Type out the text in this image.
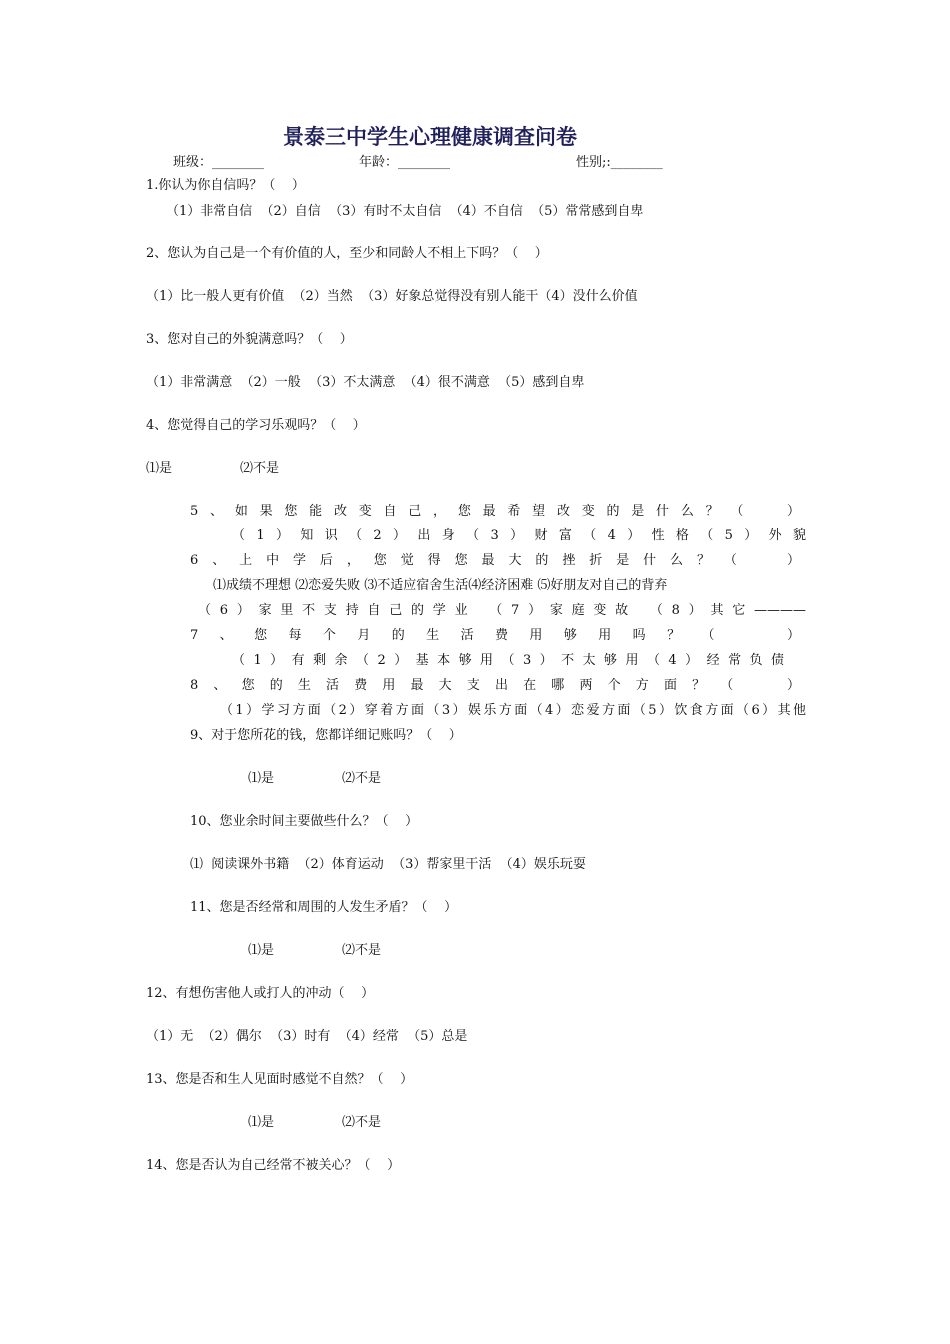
景泰三中学生心理健康调查问卷
班级：________	年龄：________	性别;:________
1.你认为你自信吗？（    ）
（1）非常自信  （2）自信  （3）有时不太自信  （4）不自信  （5）常常感到自卑
2、您认为自己是一个有价值的人，至少和同龄人不相上下吗？（    ）
（1）比一般人更有价值  （2）当然  （3）好象总觉得没有别人能干（4）没什么价值
3、您对自己的外貌满意吗？（    ）
（1）非常满意  （2）一般  （3）不太满意  （4）很不满意  （5）感到自卑
4、您觉得自己的学习乐观吗？（    ）
⑴是	⑵不是
5、如果您能改变自己，您最希望改变的是什么？（  ）
（1）知识（2）出身（3）财富（4）性格（5）外貌
6、上中学后，您觉得您最大的挫折是什么？（  ）
⑴成绩不理想 ⑵恋爱失败 ⑶不适应宿舍生活⑷经济困难 ⑸好朋友对自己的背弃
（6）家里不支持自己的学业 （7）家庭变故 （8）其它————
7、您每个月的生活费用够用吗？（  ）
（1）有剩余（2）基本够用（3）不太够用（4）经常负债
8、您的生活费用最大支出在哪两个方面？（  ）
（1）学习方面（2）穿着方面（3）娱乐方面（4）恋爱方面（5）饮食方面（6）其他
9、对于您所花的钱，您都详细记账吗？（    ）
⑴是	⑵不是
10、您业余时间主要做些什么？（    ）
⑴  阅读课外书籍  （2）体育运动  （3）帮家里干活  （4）娱乐玩耍
11、您是否经常和周围的人发生矛盾？（    ）
⑴是	⑵不是
12、有想伤害他人或打人的冲动（    ）
（1）无  （2）偶尔  （3）时有  （4）经常  （5）总是
13、您是否和生人见面时感觉不自然？（    ）
⑴是	⑵不是
14、您是否认为自己经常不被关心？（    ）
